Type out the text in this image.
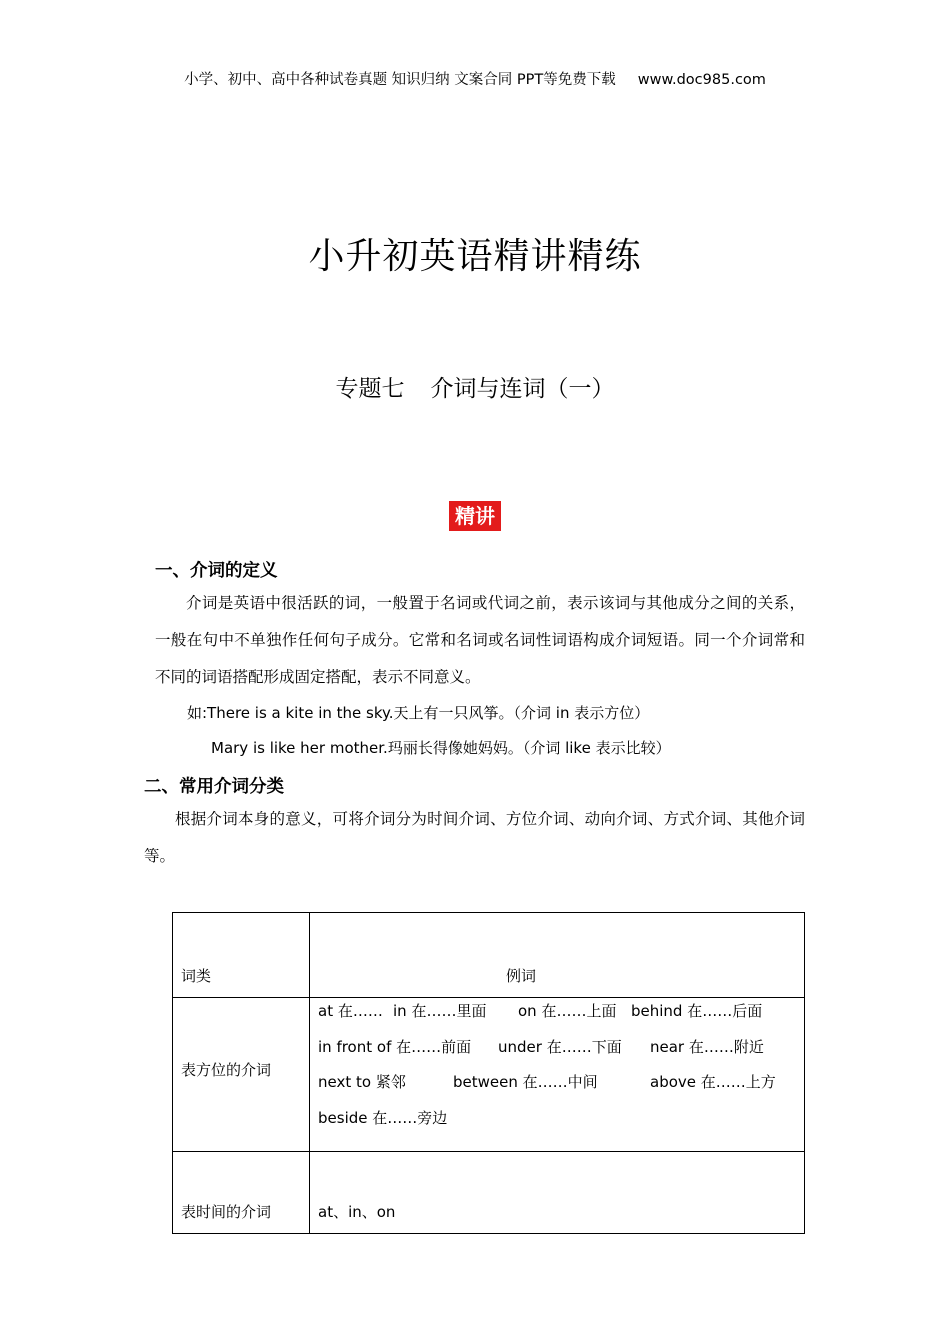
小学、初中、高中各种试卷真题 知识归纳 文案合同 PPT等免费下载 www.doc985.com
小升初英语精讲精练
专题七 介词与连词（一）
精讲
一、介词的定义
介词是英语中很活跃的词，一般置于名词或代词之前，表示该词与其他成分之间的关系，一般在句中不单独作任何句子成分。它常和名词或名词性词语构成介词短语。同一个介词常和不同的词语搭配形成固定搭配，表示不同意义。
如:There is a kite in the sky.天上有一只风筝。（介词 in 表示方位）
Mary is like her mother.玛丽长得像她妈妈。（介词 like 表示比较）
二、常用介词分类
根据介词本身的意义，可将介词分为时间介词、方位介词、动向介词、方式介词、其他介词等。
词类	例词
表方位的介词	at 在…… in 在……里面 on 在……上面 behind 在……后面
in front of 在……前面 under 在……下面 near 在……附近
next to 紧邻 between 在……中间 above 在……上方
beside 在……旁边

表时间的介词	at、in、on
